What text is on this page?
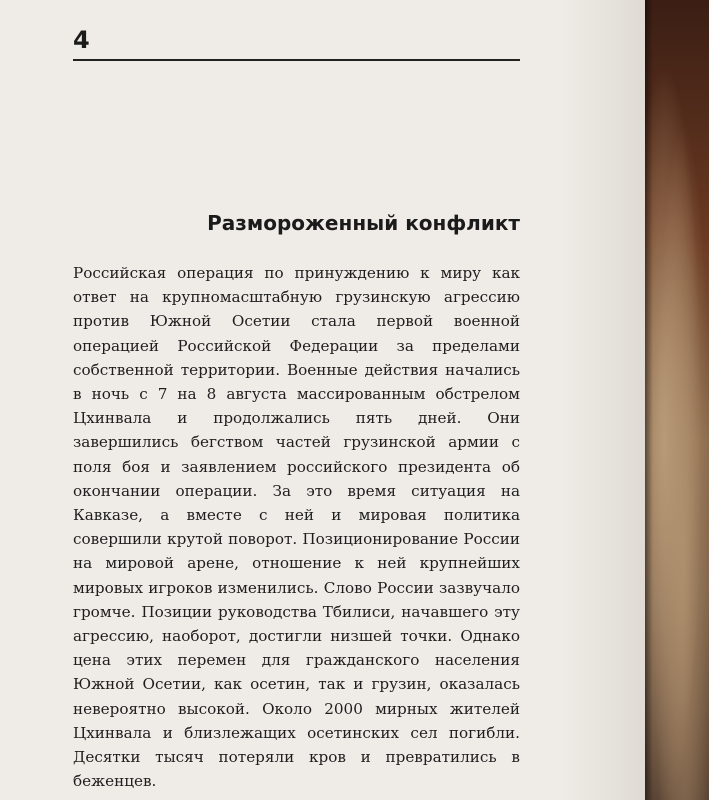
4
Размороженный конфликт

Российская операция по принуждению к миру как ответ на крупномасштабную грузинскую агрессию против Южной Осетии стала первой военной операцией Российской Федерации за пределами собственной территории. Военные действия начались в ночь с 7 на 8 августа массированным обстрелом Цхинвала и продолжались пять дней. Они завершились бегством частей грузинской армии с поля боя и заявлением российского президента об окончании операции. За это время ситуация на Кавказе, а вместе с ней и мировая политика совершили крутой поворот. Позиционирование России на мировой арене, отношение к ней крупнейших мировых игроков изменились. Слово России зазвучало громче. Позиции руководства Тбилиси, начавшего эту агрессию, наоборот, достигли низшей точки. Однако цена этих перемен для гражданского населения Южной Осетии, как осетин, так и грузин, оказалась невероятно высокой. Около 2000 мирных жителей Цхинвала и близлежащих осетинских сел погибли. Десятки тысяч потеряли кров и превратились в беженцев.
